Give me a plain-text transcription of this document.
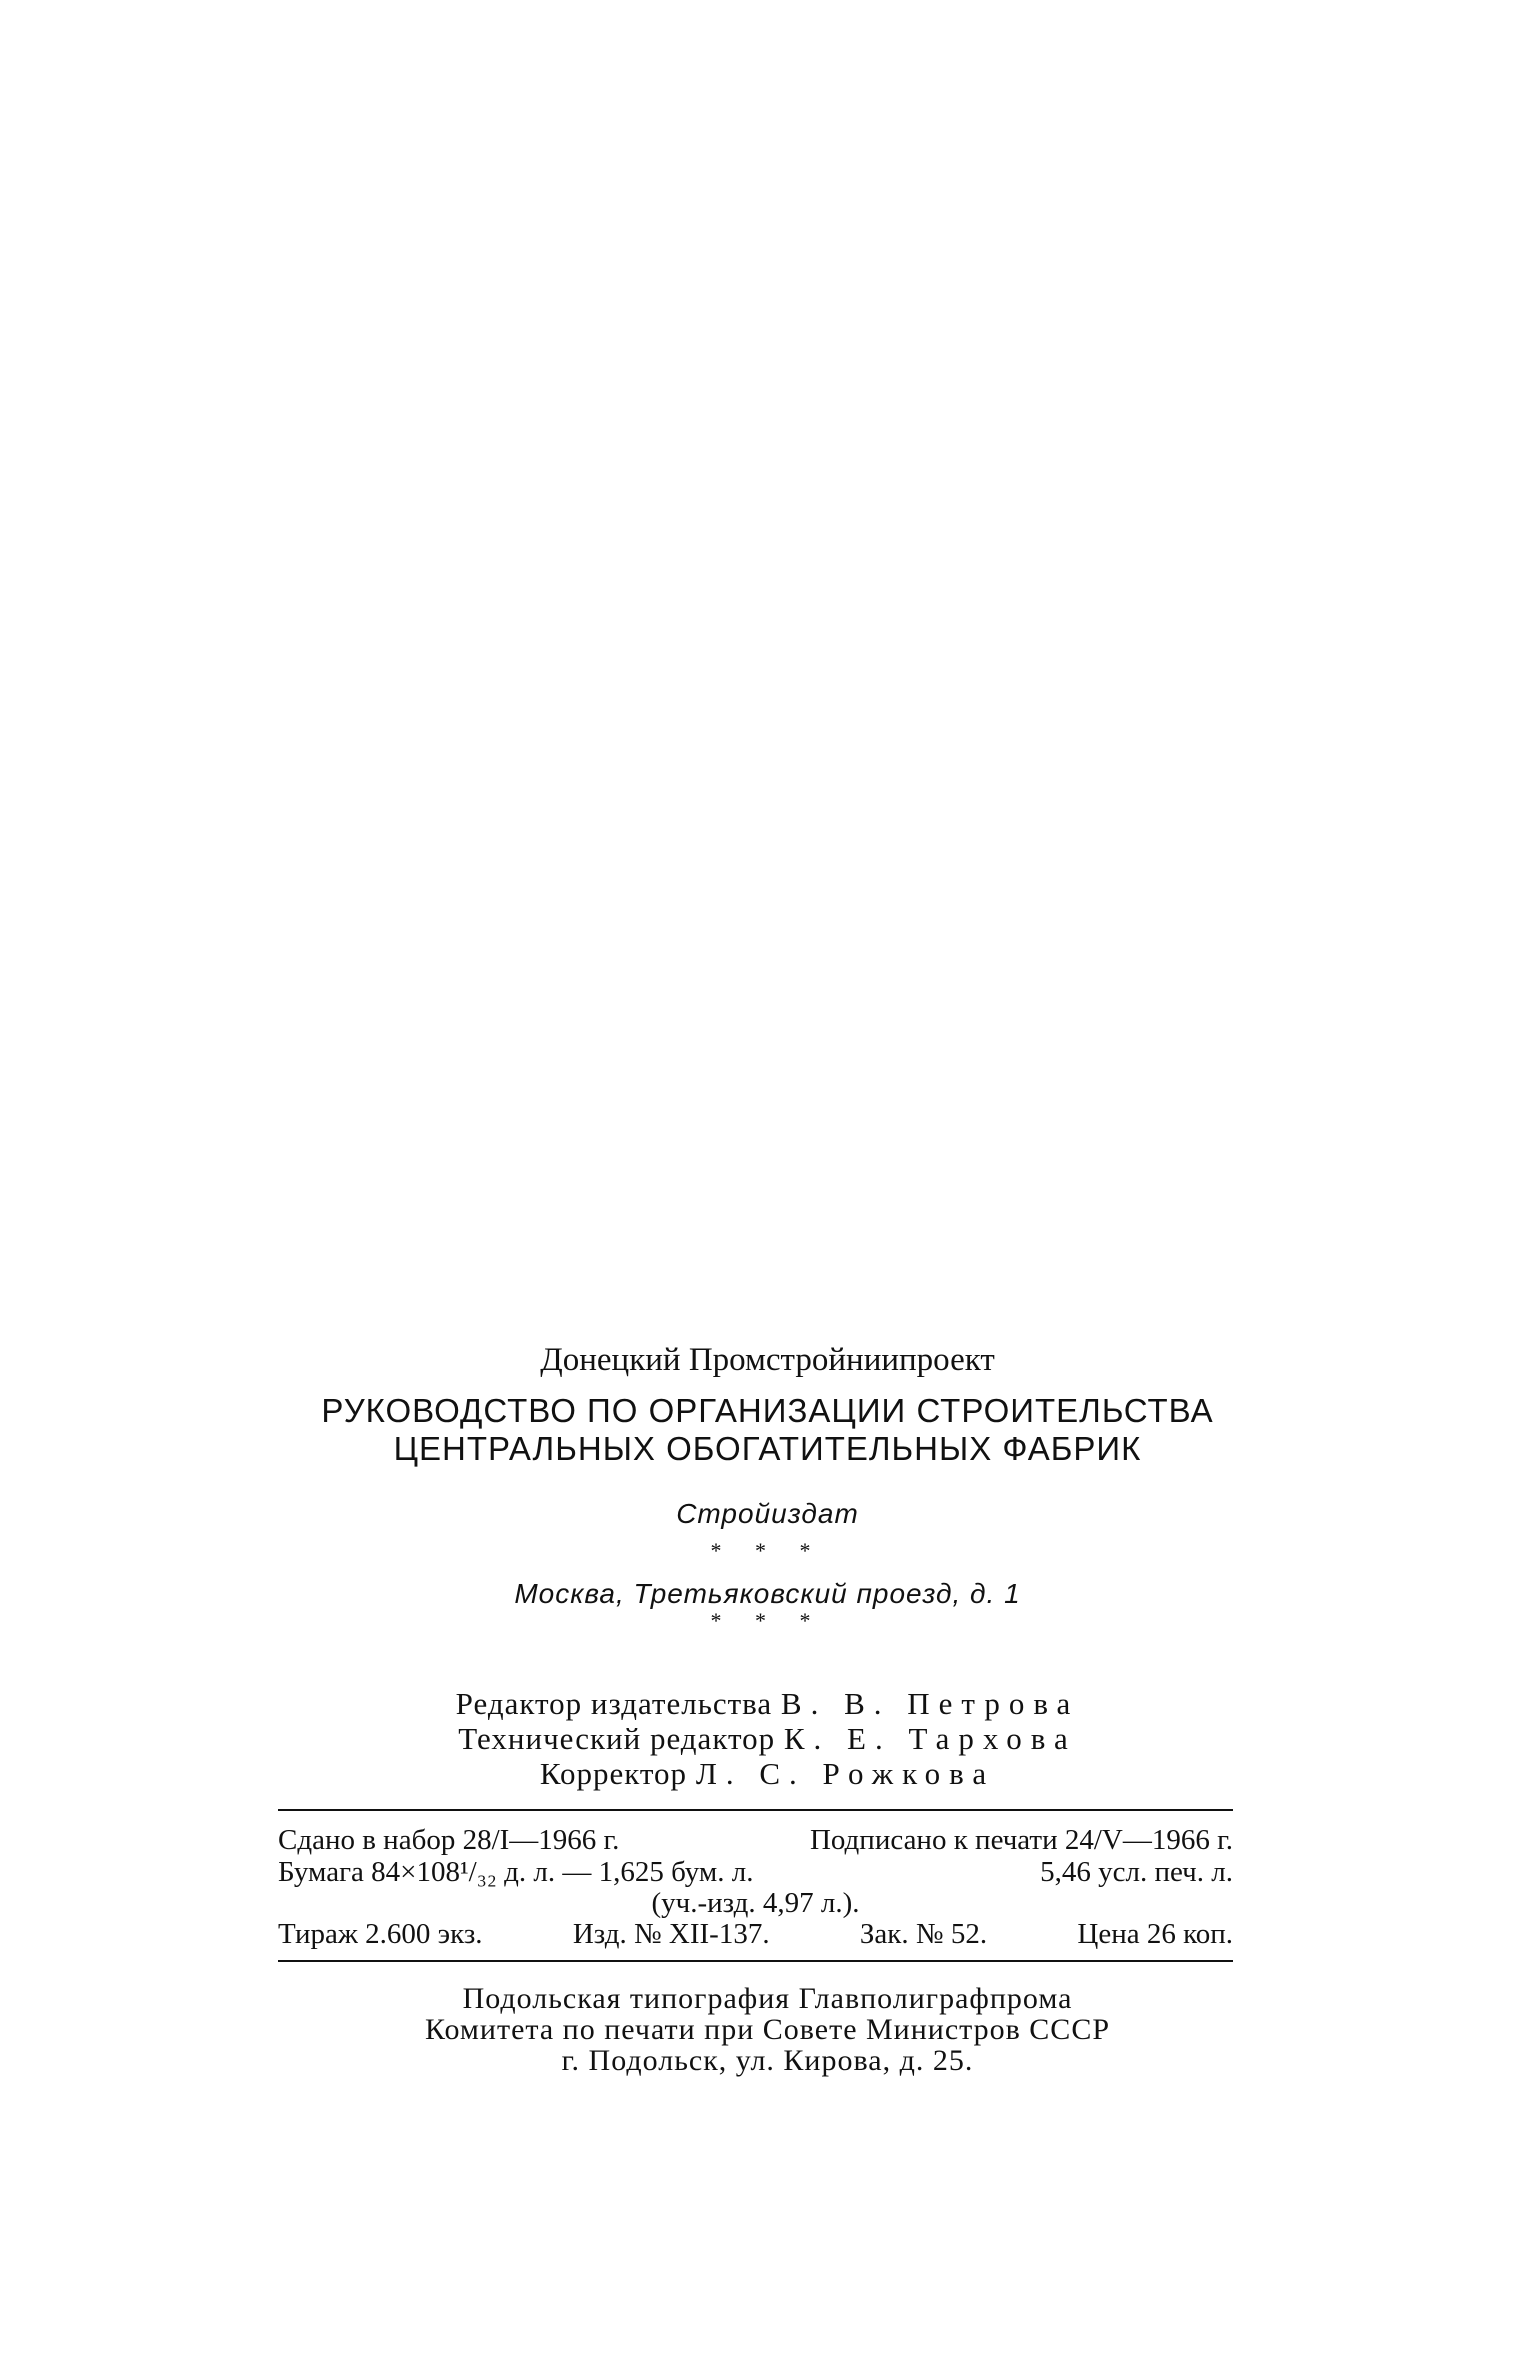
Донецкий Промстройниипроект
РУКОВОДСТВО ПО ОРГАНИЗАЦИИ СТРОИТЕЛЬСТВА
ЦЕНТРАЛЬНЫХ ОБОГАТИТЕЛЬНЫХ ФАБРИК
Стройиздат
* * *
Москва, Третьяковский проезд, д. 1
* * *
Редактор издательства В. В. Петрова
Технический редактор К. Е. Тархова
Корректор Л. С. Рожкова
Сдано в набор 28/I—1966 г.	Подписано к печати 24/V—1966 г.
Бумага 84×108¹/₃₂ д. л. — 1,625 бум. л.	5,46 усл. печ. л.
(уч.-изд. 4,97 л.).
Тираж 2.600 экз.	Изд. № XII-137.	Зак. № 52.	Цена 26 коп.
Подольская типография Главполиграфпрома
Комитета по печати при Совете Министров СССР
г. Подольск, ул. Кирова, д. 25.
